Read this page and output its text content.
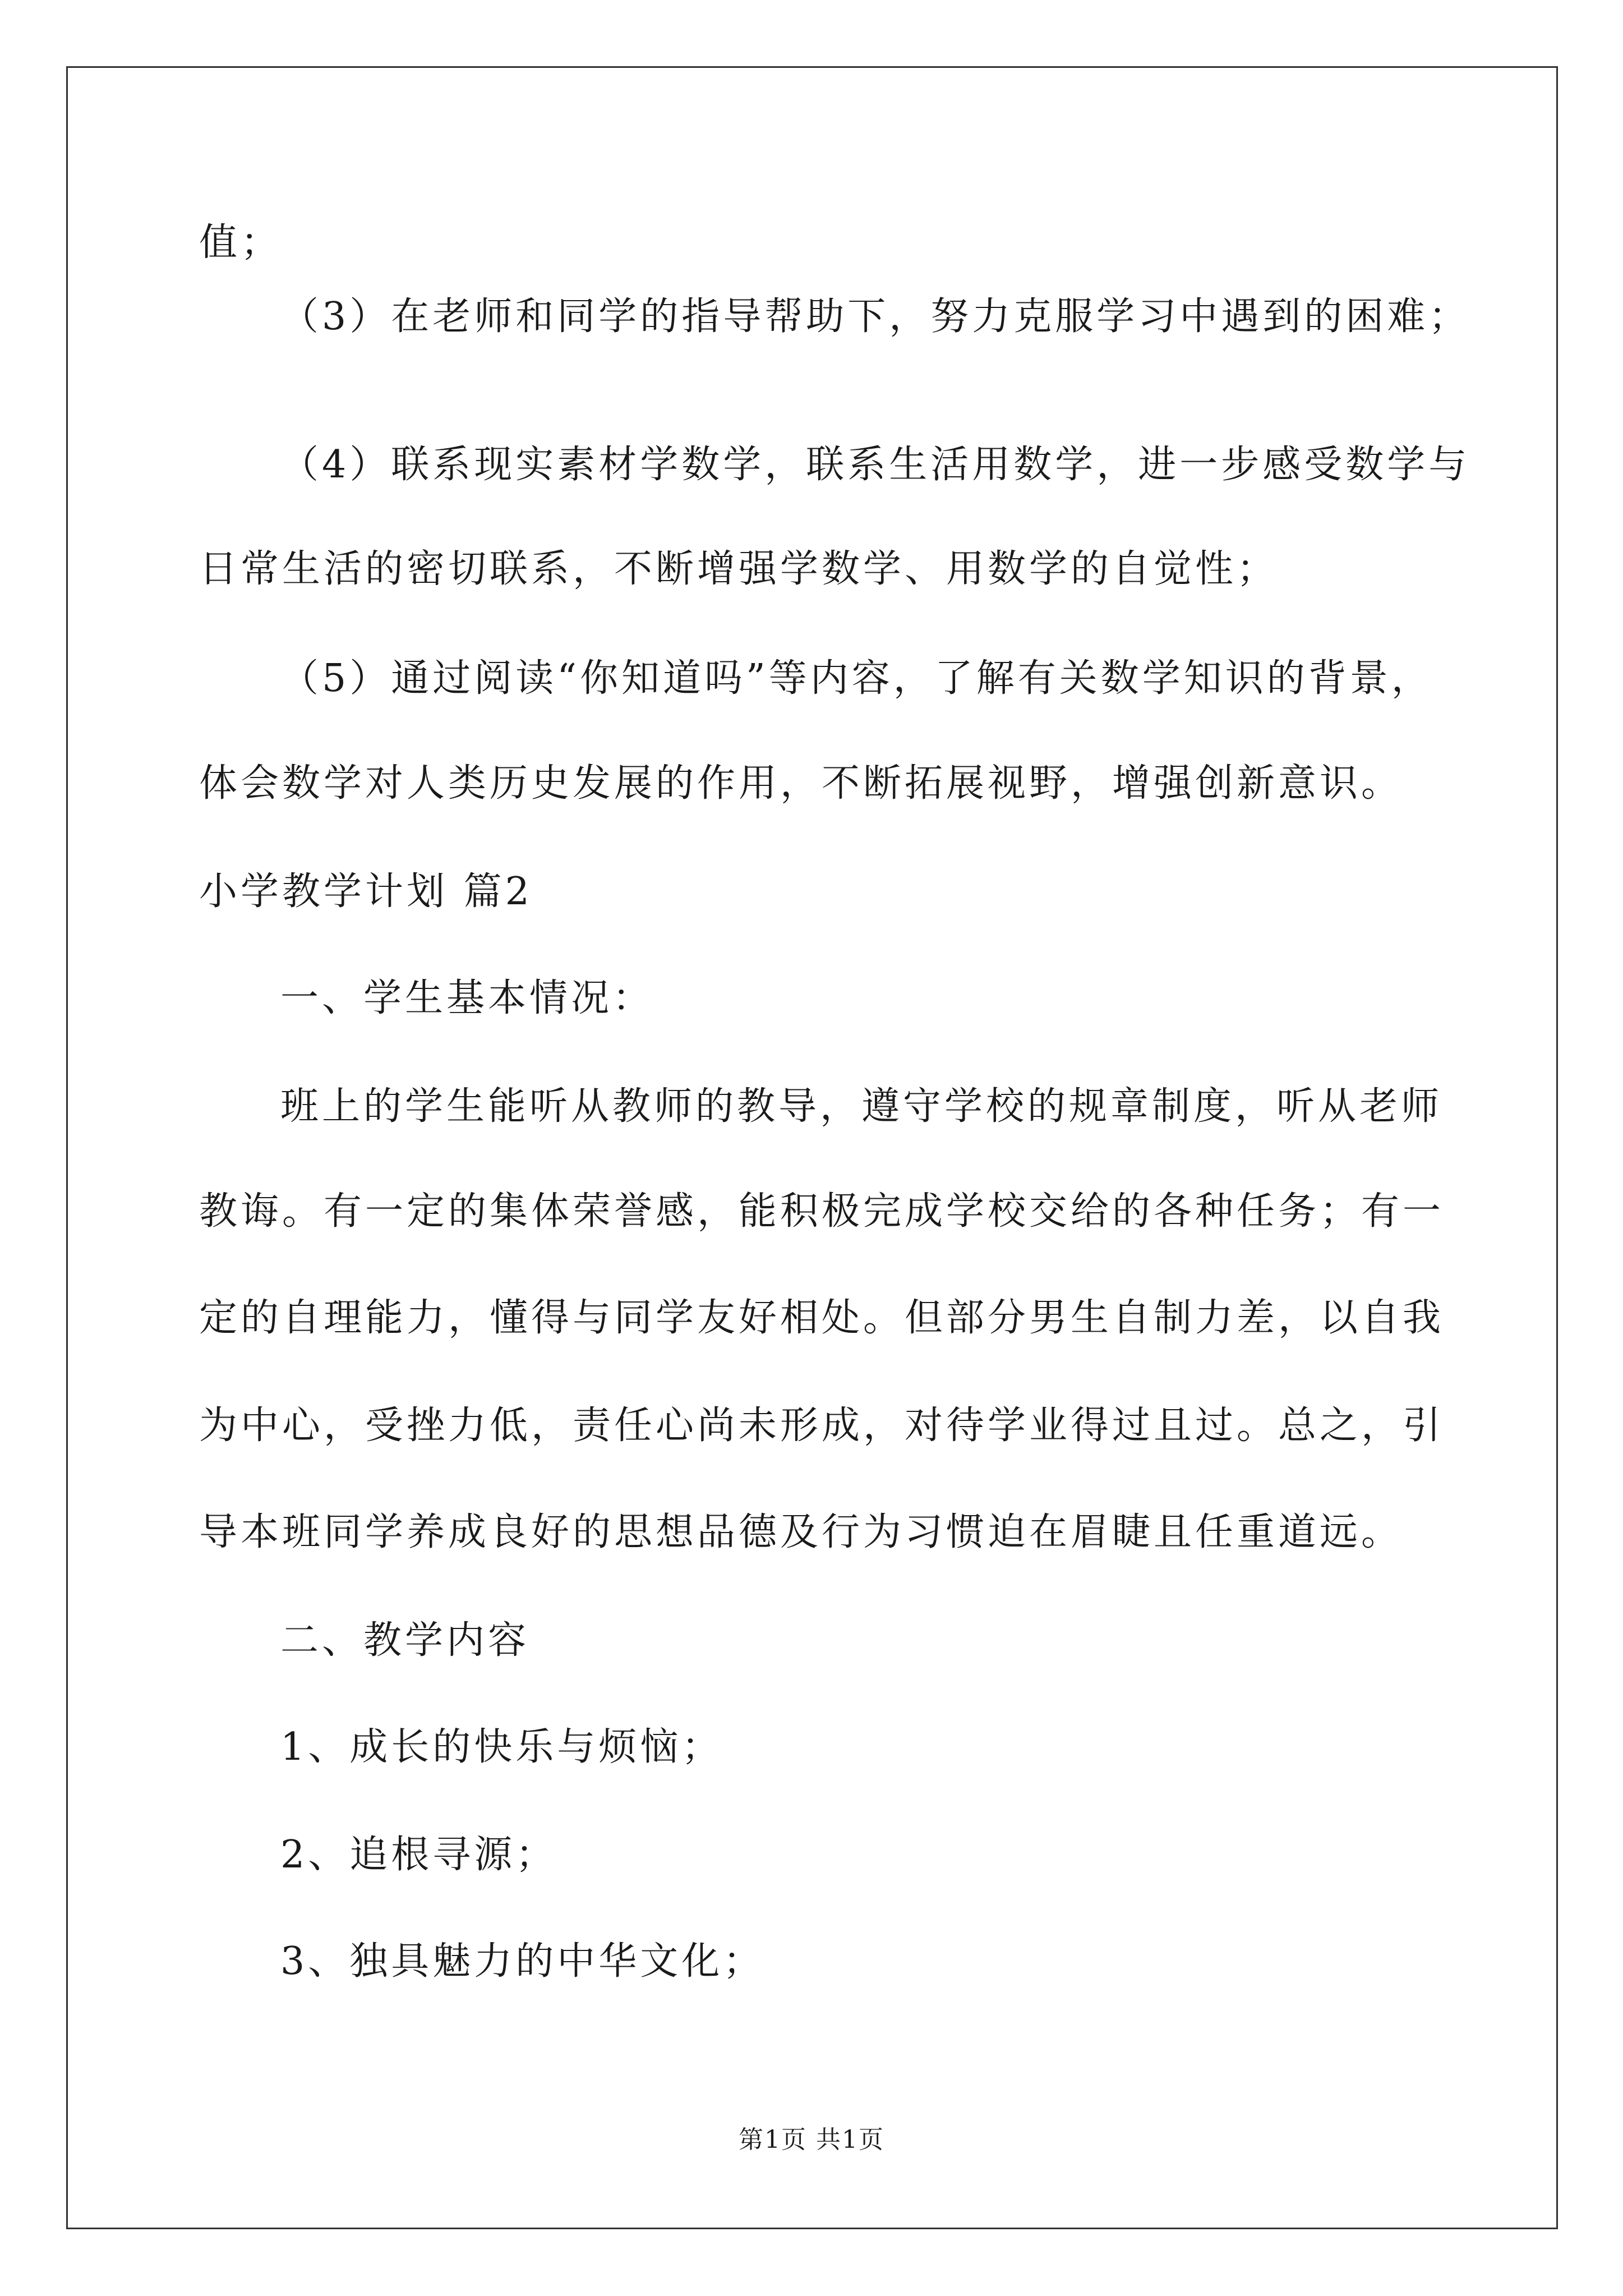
值；
（3）在老师和同学的指导帮助下，努力克服学习中遇到的困难；
（4）联系现实素材学数学，联系生活用数学，进一步感受数学与
日常生活的密切联系，不断增强学数学、用数学的自觉性；
（5）通过阅读“你知道吗”等内容，了解有关数学知识的背景，
体会数学对人类历史发展的作用，不断拓展视野，增强创新意识。
小学教学计划 篇2
一、学生基本情况：
班上的学生能听从教师的教导，遵守学校的规章制度，听从老师
教诲。有一定的集体荣誉感，能积极完成学校交给的各种任务；有一
定的自理能力，懂得与同学友好相处。但部分男生自制力差，以自我
为中心，受挫力低，责任心尚未形成，对待学业得过且过。总之，引
导本班同学养成良好的思想品德及行为习惯迫在眉睫且任重道远。
二、教学内容
1、成长的快乐与烦恼；
2、追根寻源；
3、独具魅力的中华文化；
第1页 共1页
